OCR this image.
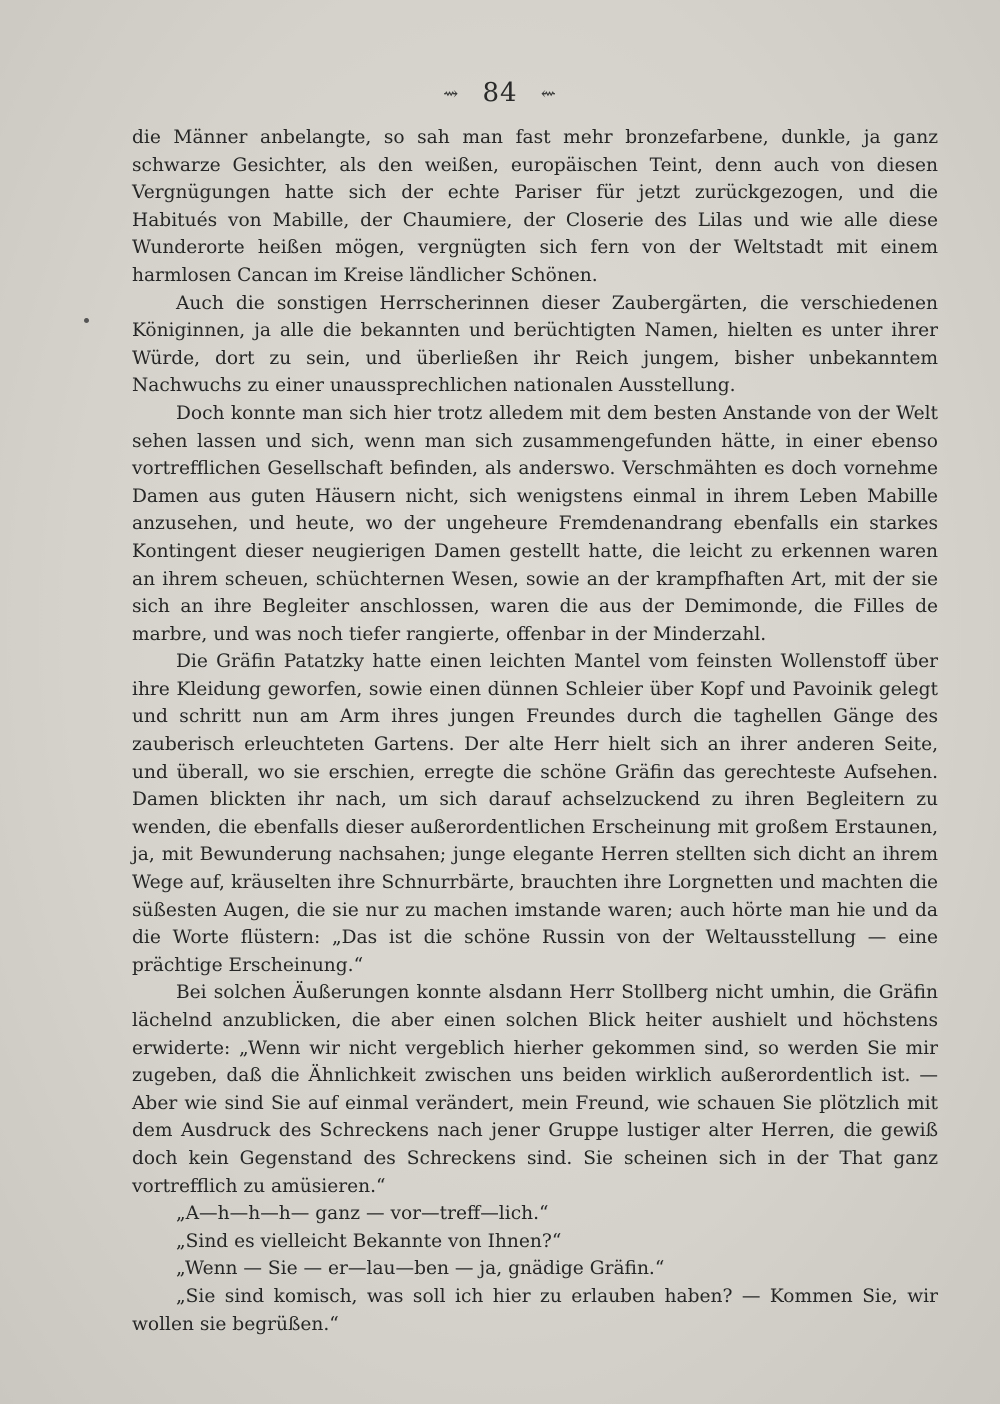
⇝ 84 ⇜

die Männer anbelangte, so sah man fast mehr bronzefarbene, dunkle, ja ganz schwarze Gesichter, als den weißen, europäischen Teint, denn auch von diesen Vergnügungen hatte sich der echte Pariser für jetzt zurückgezogen, und die Habitués von Mabille, der Chaumiere, der Closerie des Lilas und wie alle diese Wunderorte heißen mögen, vergnügten sich fern von der Weltstadt mit einem harmlosen Cancan im Kreise ländlicher Schönen.

Auch die sonstigen Herrscherinnen dieser Zaubergärten, die verschiedenen Königinnen, ja alle die bekannten und berüchtigten Namen, hielten es unter ihrer Würde, dort zu sein, und überließen ihr Reich jungem, bisher unbekanntem Nachwuchs zu einer unaussprechlichen nationalen Ausstellung.

Doch konnte man sich hier trotz alledem mit dem besten Anstande von der Welt sehen lassen und sich, wenn man sich zusammengefunden hätte, in einer ebenso vortrefflichen Gesellschaft befinden, als anderswo. Verschmähten es doch vornehme Damen aus guten Häusern nicht, sich wenigstens einmal in ihrem Leben Mabille anzusehen, und heute, wo der ungeheure Fremdenandrang ebenfalls ein starkes Kontingent dieser neugierigen Damen gestellt hatte, die leicht zu erkennen waren an ihrem scheuen, schüchternen Wesen, sowie an der krampfhaften Art, mit der sie sich an ihre Begleiter anschlossen, waren die aus der Demimonde, die Filles de marbre, und was noch tiefer rangierte, offenbar in der Minderzahl.

Die Gräfin Patatzky hatte einen leichten Mantel vom feinsten Wollenstoff über ihre Kleidung geworfen, sowie einen dünnen Schleier über Kopf und Pavoinik gelegt und schritt nun am Arm ihres jungen Freundes durch die taghellen Gänge des zauberisch erleuchteten Gartens. Der alte Herr hielt sich an ihrer anderen Seite, und überall, wo sie erschien, erregte die schöne Gräfin das gerechteste Aufsehen. Damen blickten ihr nach, um sich darauf achselzuckend zu ihren Begleitern zu wenden, die ebenfalls dieser außerordentlichen Erscheinung mit großem Erstaunen, ja, mit Bewunderung nachsahen; junge elegante Herren stellten sich dicht an ihrem Wege auf, kräuselten ihre Schnurrbärte, brauchten ihre Lorgnetten und machten die süßesten Augen, die sie nur zu machen imstande waren; auch hörte man hie und da die Worte flüstern: „Das ist die schöne Russin von der Weltausstellung — eine prächtige Erscheinung.“

Bei solchen Äußerungen konnte alsdann Herr Stollberg nicht umhin, die Gräfin lächelnd anzublicken, die aber einen solchen Blick heiter aushielt und höchstens erwiderte: „Wenn wir nicht vergeblich hierher gekommen sind, so werden Sie mir zugeben, daß die Ähnlichkeit zwischen uns beiden wirklich außerordentlich ist. — Aber wie sind Sie auf einmal verändert, mein Freund, wie schauen Sie plötzlich mit dem Ausdruck des Schreckens nach jener Gruppe lustiger alter Herren, die gewiß doch kein Gegenstand des Schreckens sind. Sie scheinen sich in der That ganz vortrefflich zu amüsieren.“

„A—h—h—h— ganz — vor—treff—lich.“

„Sind es vielleicht Bekannte von Ihnen?“

„Wenn — Sie — er—lau—ben — ja, gnädige Gräfin.“

„Sie sind komisch, was soll ich hier zu erlauben haben? — Kommen Sie, wir wollen sie begrüßen.“
